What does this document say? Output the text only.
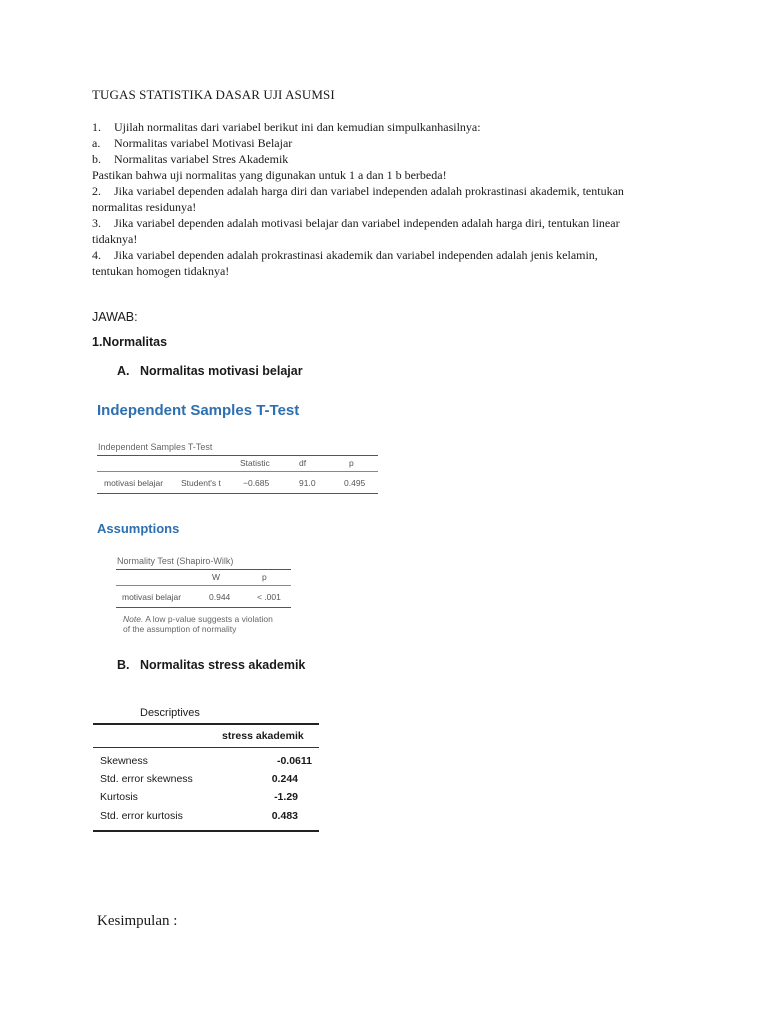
TUGAS STATISTIKA DASAR UJI ASUMSI
1. Ujilah normalitas dari variabel berikut ini dan kemudian simpulkanhasilnya:
a. Normalitas variabel Motivasi Belajar
b. Normalitas variabel Stres Akademik
Pastikan bahwa uji normalitas yang digunakan untuk 1 a dan 1 b berbeda!
2. Jika variabel dependen adalah harga diri dan variabel independen adalah prokrastinasi akademik, tentukan
normalitas residunya!
3. Jika variabel dependen adalah motivasi belajar dan variabel independen adalah harga diri, tentukan linear
tidaknya!
4. Jika variabel dependen adalah prokrastinasi akademik dan variabel independen adalah jenis kelamin,
tentukan homogen tidaknya!
JAWAB:
1.Normalitas
A. Normalitas motivasi belajar
Independent Samples T-Test
Independent Samples T-Test
Statistic	df	p
motivasi belajar Student's t	−0.685	91.0	0.495
Assumptions
Normality Test (Shapiro-Wilk)
W	p
motivasi belajar	0.944	< .001
Note. A low p-value suggests a violation
of the assumption of normality
B. Normalitas stress akademik
Descriptives
stress akademik
Skewness	-0.0611
Std. error skewness	0.244
Kurtosis	-1.29
Std. error kurtosis	0.483
Kesimpulan :
